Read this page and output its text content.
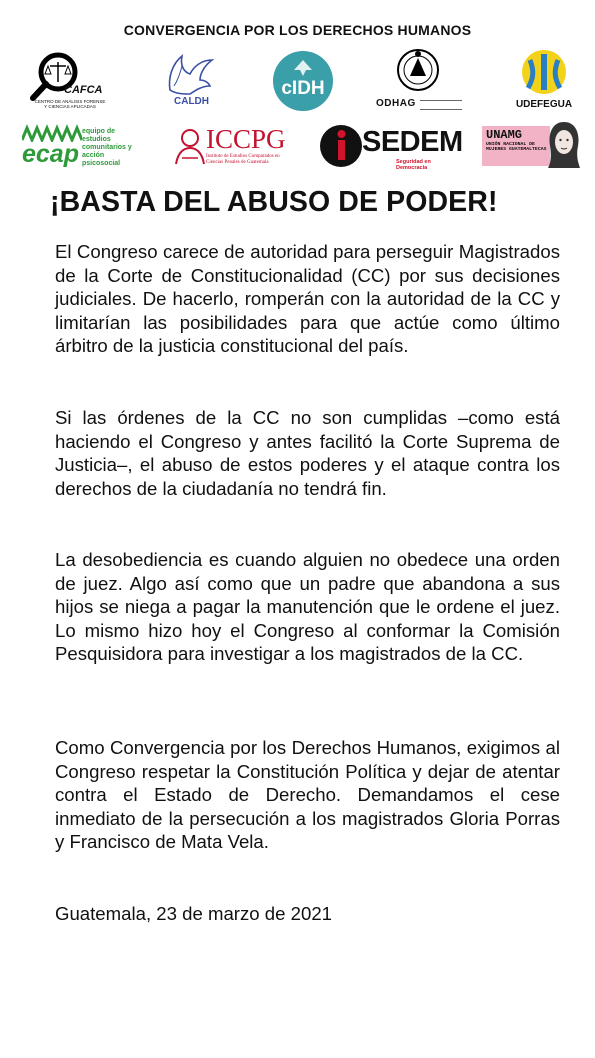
CONVERGENCIA POR LOS DERECHOS HUMANOS
CAFCA
CENTRO DE ANÁLISIS FORENSE Y CIENCIAS APLICADAS	CALDH
cIDH
ODHAG	UDEFEGUA
ecap
equipo de estudios comunitarios y acción psicosocial
ICCPG
Instituto de Estudios Comparados en Ciencias Penales de Guatemala
SEDEM
Seguridad en Democracia
UNAMG
UNIÓN NACIONAL DE MUJERES GUATEMALTECAS
¡BASTA DEL ABUSO DE PODER!
El Congreso carece de autoridad para perseguir Magistrados de la Corte de Constitucionalidad (CC) por sus decisiones judiciales. De hacerlo, romperán con la autoridad de la CC y limitarían las posibilidades para que actúe como último árbitro de la justicia constitucional del país.
Si las órdenes de la CC no son cumplidas –como está haciendo el Congreso y antes facilitó la Corte Suprema de Justicia–, el abuso de estos poderes y el ataque contra los derechos de la ciudadanía no tendrá fin.
La desobediencia es cuando alguien no obedece una orden de juez. Algo así como que un padre que abandona a sus hijos se niega a pagar la manutención que le ordene el juez. Lo mismo hizo hoy el Congreso al conformar la Comisión Pesquisidora para investigar a los magistrados de la CC.
Como Convergencia por los Derechos Humanos, exigimos al Congreso respetar la Constitución Política y dejar de atentar contra el Estado de Derecho. Demandamos el cese inmediato de la persecución a los magistrados Gloria Porras y Francisco de Mata Vela.
Guatemala, 23 de marzo de 2021
